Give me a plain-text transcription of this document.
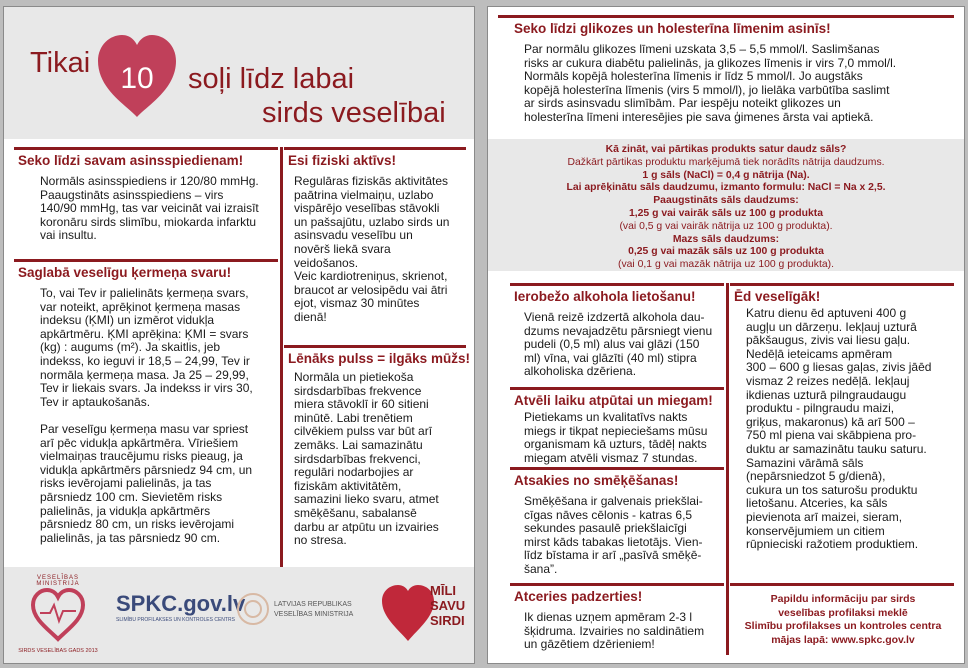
Tikai	10	soļi līdz labai
sirds veselībai
Seko līdzi savam asinsspiedienam!
Normāls asinsspiediens ir 120/80 mmHg.
Paaugstināts asinsspiediens – virs
140/90 mmHg, tas var veicināt vai izraisīt
koronāru sirds slimību, miokarda infarktu
vai insultu.
Saglabā veselīgu ķermeņa svaru!
To, vai Tev ir palielināts ķermeņa svars,
var noteikt, aprēķinot ķermeņa masas
indeksu (ĶMI) un izmērot vidukļa
apkārtmēru. ĶMI aprēķina: ĶMI = svars
(kg) : augums (m²). Ja skaitlis, jeb
indekss, ko ieguvi ir 18,5 – 24,99, Tev ir
normāla ķermeņa masa. Ja 25 – 29,99,
Tev ir liekais svars. Ja indekss ir virs 30,
Tev ir aptaukošanās.

Par veselīgu ķermeņa masu var spriest
arī pēc vidukļa apkārtmēra. Vīriešiem
vielmaiņas traucējumu risks pieaug, ja
vidukļa apkārtmērs pārsniedz 94 cm, un
risks ievērojami palielinās, ja tas
pārsniedz 100 cm. Sievietēm risks
palielinās, ja vidukļa apkārtmērs
pārsniedz 80 cm, un risks ievērojami
palielinās, ja tas pārsniedz 90 cm.
Esi fiziski aktīvs!
Regulāras fiziskās aktivitātes
paātrina vielmaiņu, uzlabo
vispārējo veselības stāvokli
un pašsajūtu, uzlabo sirds un
asinsvadu veselību un
novērš liekā svara
veidošanos.
Veic kardiotreniņus, skrienot,
braucot ar velosipēdu vai ātri
ejot, vismaz 30 minūtes
dienā!
Lēnāks pulss = ilgāks mūžs!
Normāla un pietiekoša
sirdsdarbības frekvence
miera stāvoklī ir 60 sitieni
minūtē. Labi trenētiem
cilvēkiem pulss var būt arī
zemāks. Lai samazinātu
sirdsdarbības frekvenci,
regulāri nodarbojies ar
fiziskām aktivitātēm,
samazini lieko svaru, atmet
smēķēšanu, sabalansē
darbu ar atpūtu un izvairies
no stresa.
VESELĪBAS MINISTRIJA
SIRDS VESELĪBAS GADS 2013
SPKC.gov.lv
SLIMĪBU PROFILAKSES UN KONTROLES CENTRS
LATVIJAS REPUBLIKAS
VESELĪBAS MINISTRIJA
MĪLI
SAVU
SIRDI
Seko līdzi glikozes un holesterīna līmenim asinīs!
Par normālu glikozes līmeni uzskata 3,5 – 5,5 mmol/l. Saslimšanas
risks ar cukura diabētu palielinās, ja glikozes līmenis ir virs 7,0 mmol/l.
Normāls kopējā holesterīna līmenis ir līdz 5 mmol/l. Jo augstāks
kopējā holesterīna līmenis (virs 5 mmol/l), jo lielāka varbūtība saslimt
ar sirds asinsvadu slimībām. Par iespēju noteikt glikozes un
holesterīna līmeni interesējies pie sava ģimenes ārsta vai aptiekā.
Kā zināt, vai pārtikas produkts satur daudz sāls?
Dažkārt pārtikas produktu marķējumā tiek norādīts nātrija daudzums.
1 g sāls (NaCl) = 0,4 g nātrija (Na).
Lai aprēķinātu sāls daudzumu, izmanto formulu: NaCl = Na x 2,5.
Paaugstināts sāls daudzums:
1,25 g vai vairāk sāls uz 100 g produkta
(vai 0,5 g vai vairāk nātrija uz 100 g produkta).
Mazs sāls daudzums:
0,25 g vai mazāk sāls uz 100 g produkta
(vai 0,1 g vai mazāk nātrija uz 100 g produkta).
Ierobežo alkohola lietošanu!
Vienā reizē izdzertā alkohola dau-
dzums nevajadzētu pārsniegt vienu
pudeli (0,5 ml) alus vai glāzi (150
ml) vīna, vai glāzīti (40 ml) stipra
alkoholiska dzēriena.
Atvēli laiku atpūtai un miegam!
Pietiekams un kvalitatīvs nakts
miegs ir tikpat nepieciešams mūsu
organismam kā uzturs, tādēļ nakts
miegam atvēli vismaz 7 stundas.
Atsakies no smēķēšanas!
Smēķēšana ir galvenais priekšlai-
cīgas nāves cēlonis - katras 6,5
sekundes pasaulē priekšlaicīgi
mirst kāds tabakas lietotājs. Vien-
līdz bīstama ir arī „pasīvā smēķē-
šana”.
Atceries padzerties!
Ik dienas uzņem apmēram 2-3 l
šķidruma. Izvairies no saldinātiem
un gāzētiem dzērieniem!
Ēd veselīgāk!
Katru dienu ēd aptuveni 400 g
augļu un dārzeņu. Iekļauj uzturā
pākšaugus, zivis vai liesu gaļu.
Nedēļā ieteicams apmēram
300 – 600 g liesas gaļas, zivis jāēd
vismaz 2 reizes nedēļā. Iekļauj
ikdienas uzturā pilngraudaugu
produktu - pilngraudu maizi,
griķus, makaronus) kā arī 500 –
750 ml piena vai skābpiena pro-
duktu ar samazinātu tauku saturu.
Samazini vārāmā sāls
(nepārsniedzot 5 g/dienā),
cukura un tos saturošu produktu
lietošanu. Atceries, ka sāls
pievienota arī maizei, sieram,
konservējumiem un citiem
rūpnieciski ražotiem produktiem.
Papildu informāciju par sirds
veselības profilaksi meklē
Slimību profilakses un kontroles centra
mājas lapā: www.spkc.gov.lv
